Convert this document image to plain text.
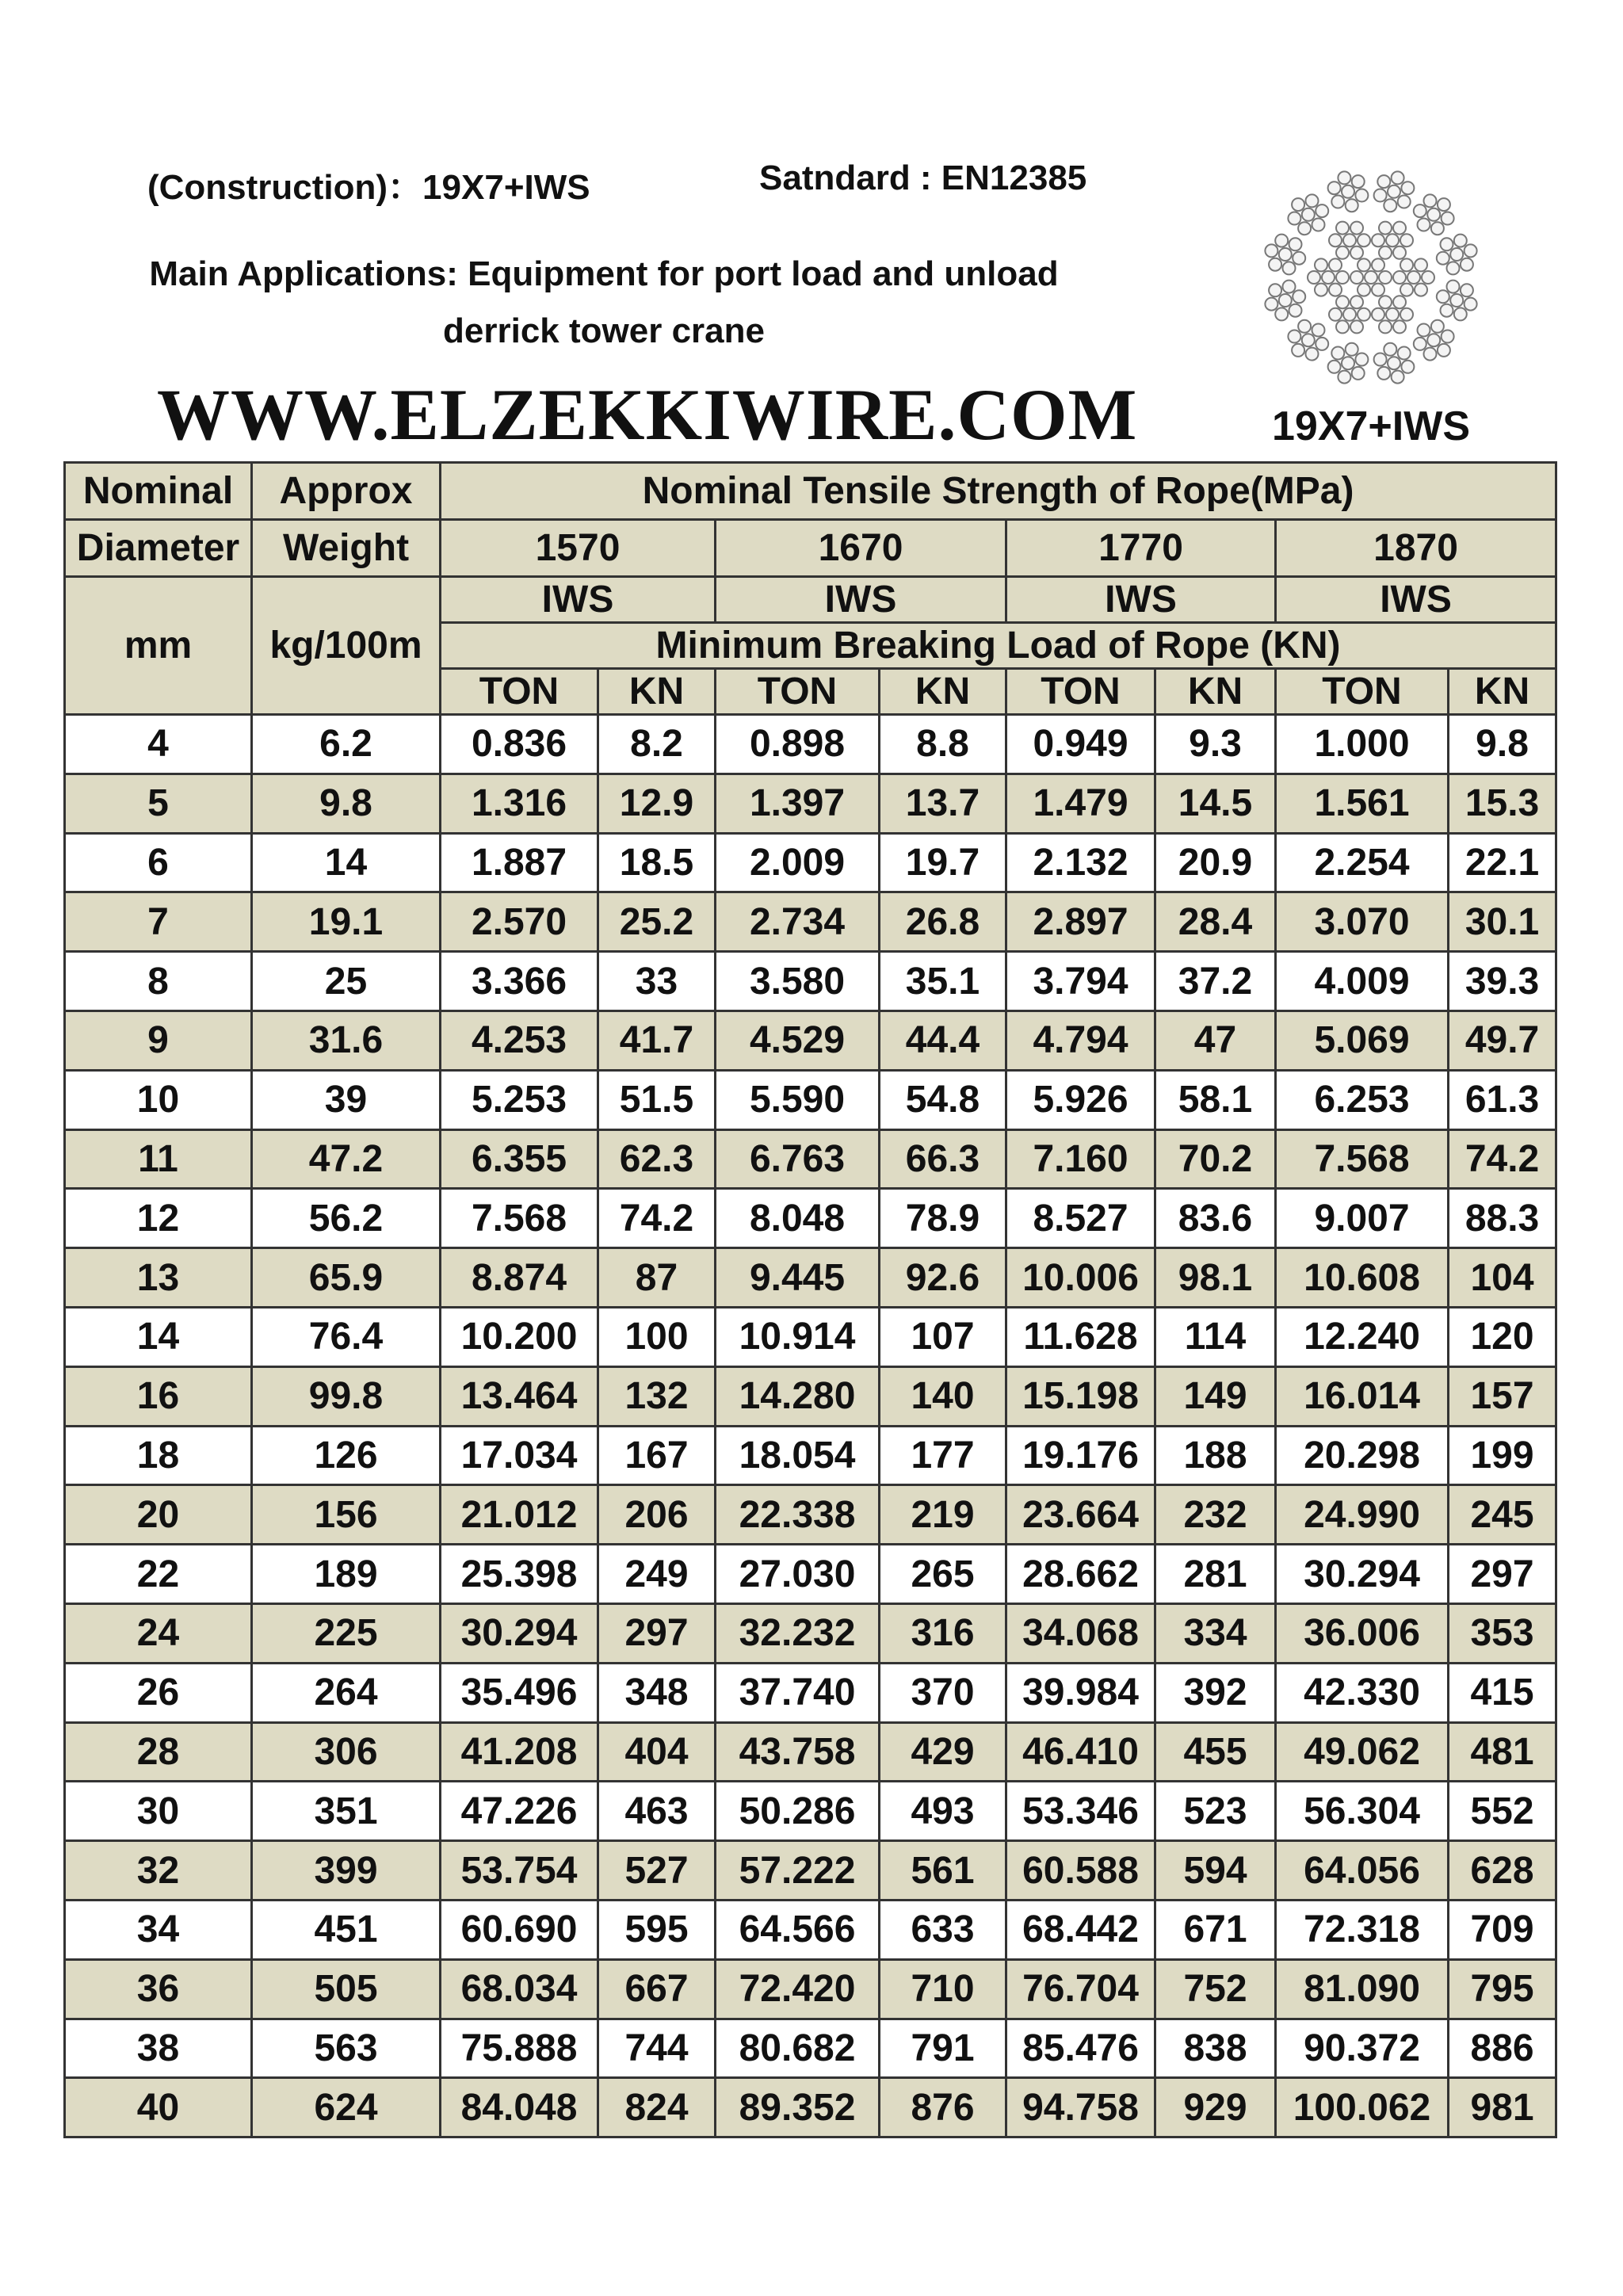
(Construction)：19X7+IWS	Satndard : EN12385
Main Applications: Equipment for port load and unload
derrick tower crane
WWW.ELZEKKIWIRE.COM	19X7+IWS
Nominal	Approx	Nominal Tensile Strength of Rope(MPa)							
Diameter	Weight	1570		1670		1770		1870	
mm	kg/100m	IWS		IWS		IWS		IWS	
		Minimum Breaking Load of Rope (KN)							
		TON	KN	TON	KN	TON	KN	TON	KN
4	6.2	0.836	8.2	0.898	8.8	0.949	9.3	1.000	9.8
5	9.8	1.316	12.9	1.397	13.7	1.479	14.5	1.561	15.3
6	14	1.887	18.5	2.009	19.7	2.132	20.9	2.254	22.1
7	19.1	2.570	25.2	2.734	26.8	2.897	28.4	3.070	30.1
8	25	3.366	33	3.580	35.1	3.794	37.2	4.009	39.3
9	31.6	4.253	41.7	4.529	44.4	4.794	47	5.069	49.7
10	39	5.253	51.5	5.590	54.8	5.926	58.1	6.253	61.3
11	47.2	6.355	62.3	6.763	66.3	7.160	70.2	7.568	74.2
12	56.2	7.568	74.2	8.048	78.9	8.527	83.6	9.007	88.3
13	65.9	8.874	87	9.445	92.6	10.006	98.1	10.608	104
14	76.4	10.200	100	10.914	107	11.628	114	12.240	120
16	99.8	13.464	132	14.280	140	15.198	149	16.014	157
18	126	17.034	167	18.054	177	19.176	188	20.298	199
20	156	21.012	206	22.338	219	23.664	232	24.990	245
22	189	25.398	249	27.030	265	28.662	281	30.294	297
24	225	30.294	297	32.232	316	34.068	334	36.006	353
26	264	35.496	348	37.740	370	39.984	392	42.330	415
28	306	41.208	404	43.758	429	46.410	455	49.062	481
30	351	47.226	463	50.286	493	53.346	523	56.304	552
32	399	53.754	527	57.222	561	60.588	594	64.056	628
34	451	60.690	595	64.566	633	68.442	671	72.318	709
36	505	68.034	667	72.420	710	76.704	752	81.090	795
38	563	75.888	744	80.682	791	85.476	838	90.372	886
40	624	84.048	824	89.352	876	94.758	929	100.062	981
